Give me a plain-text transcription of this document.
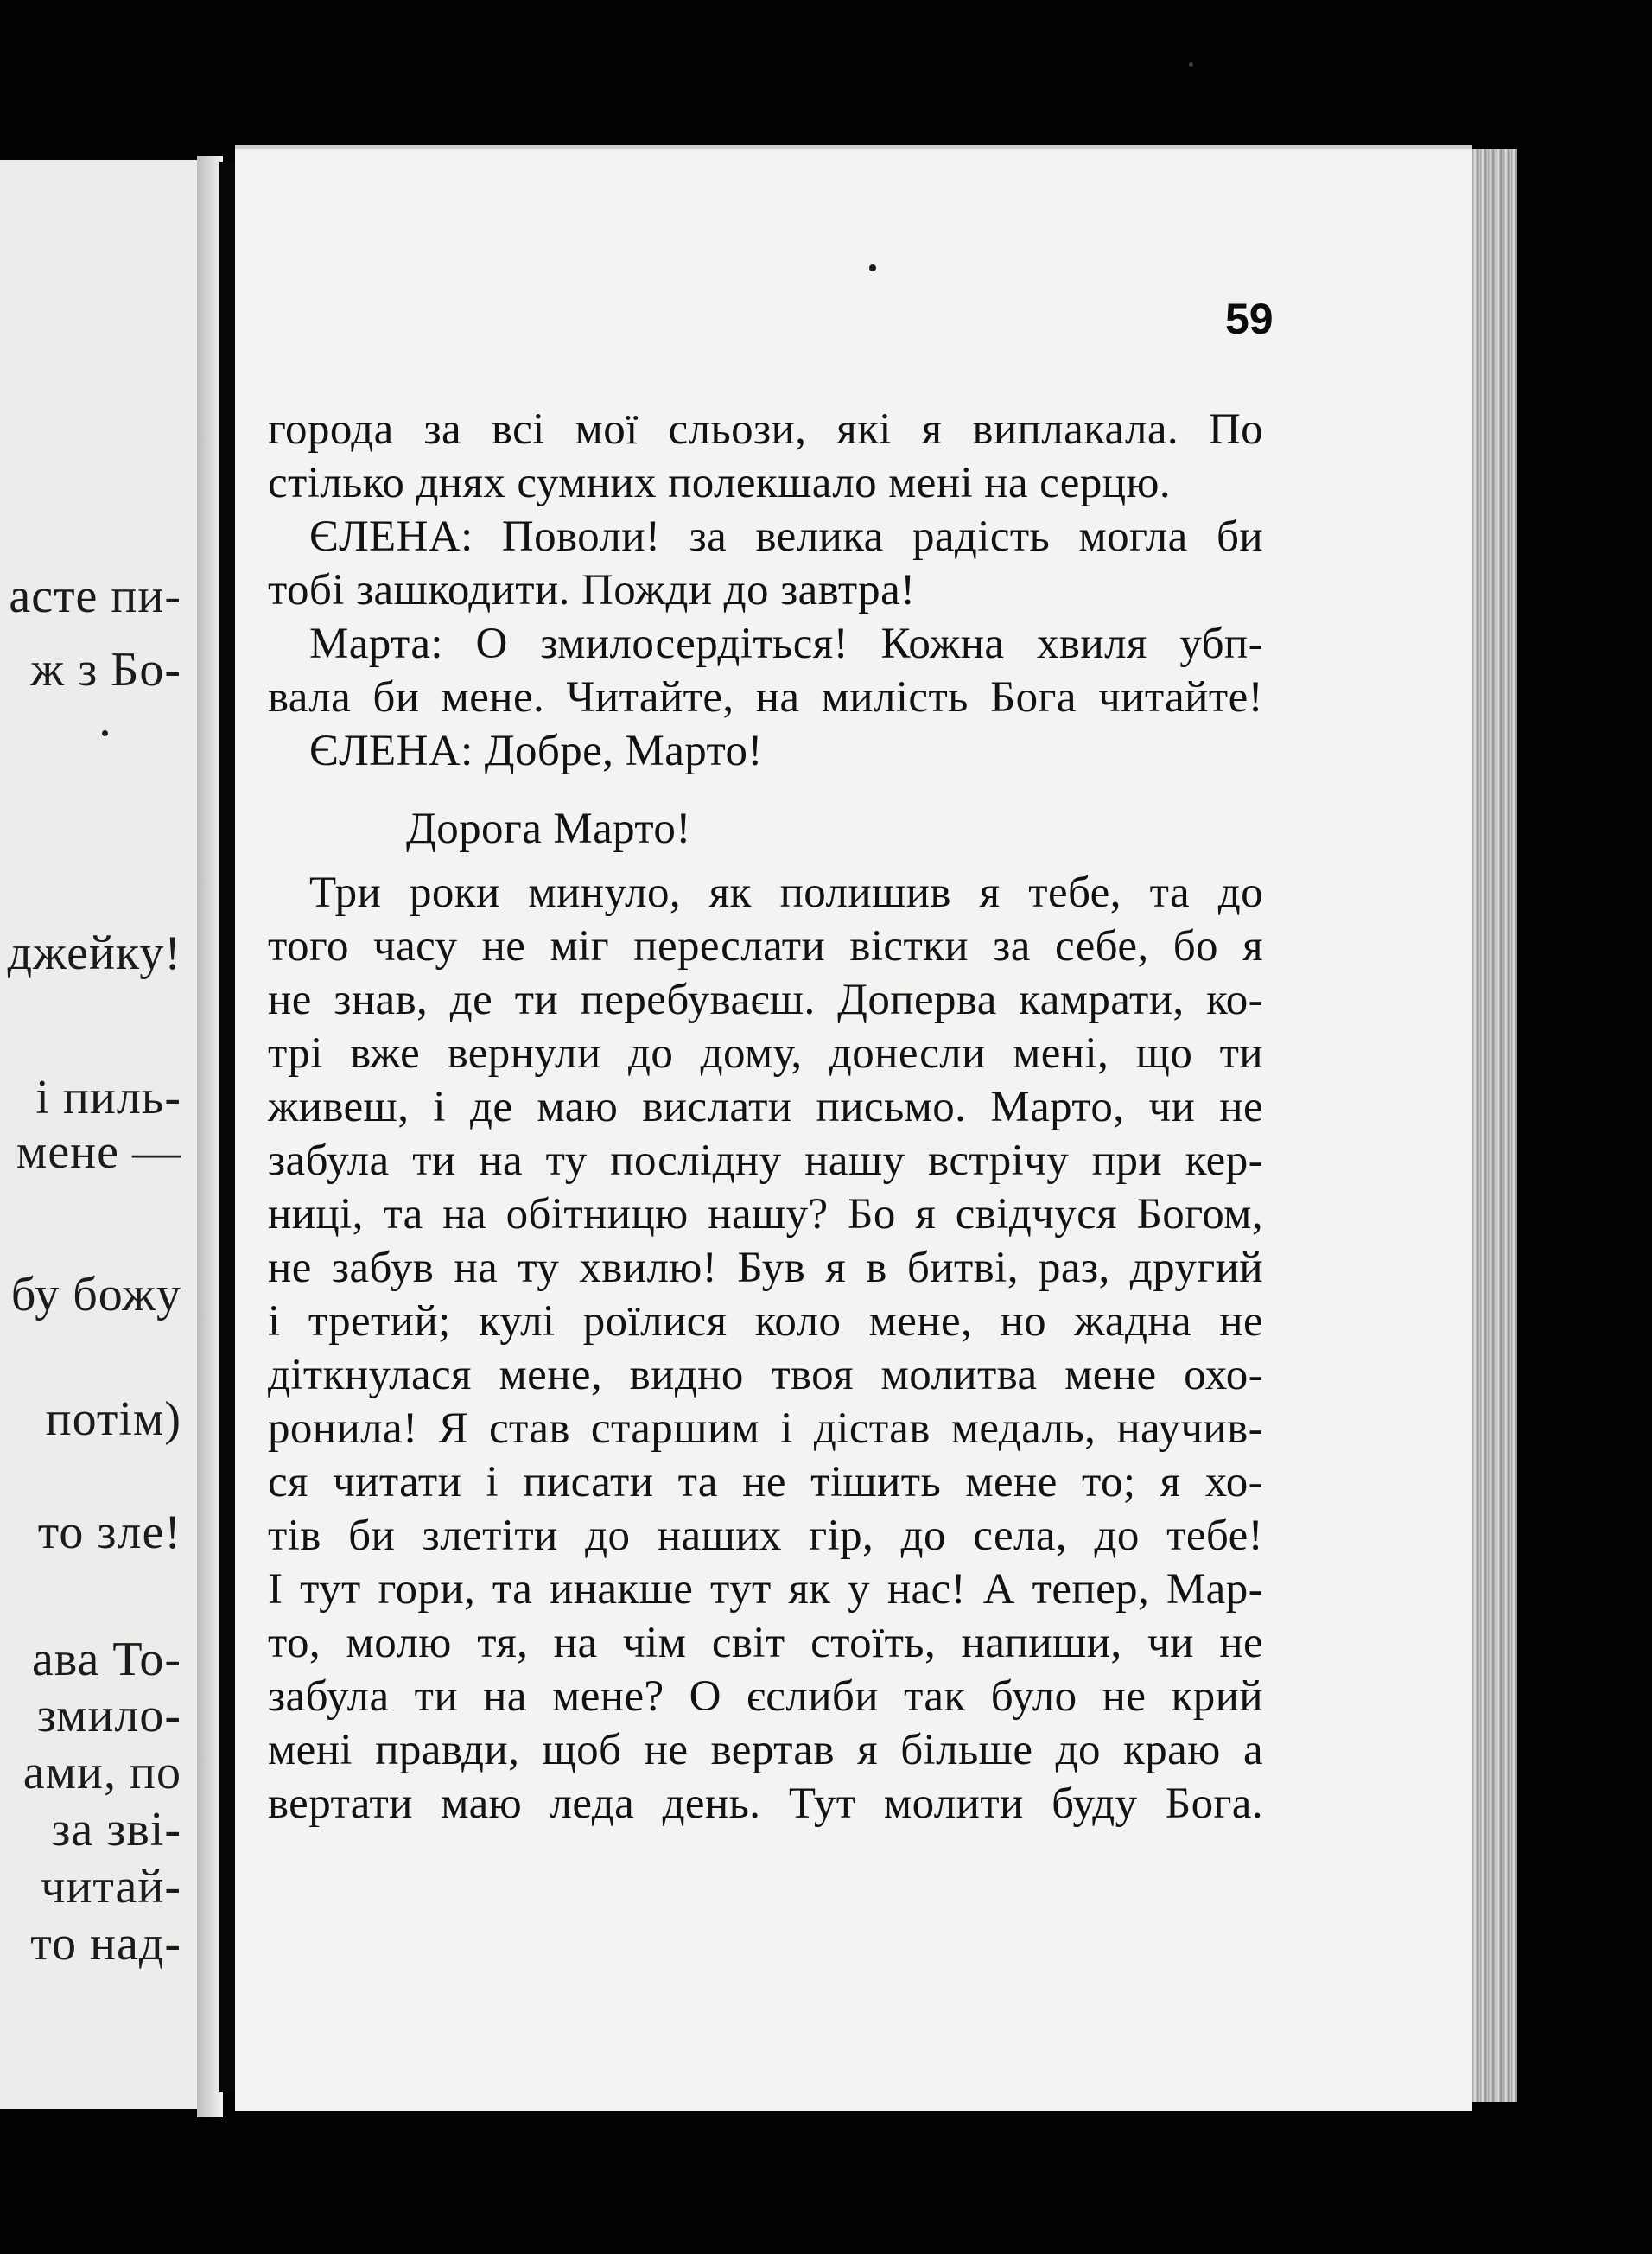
асте пи-
ж з Бо-
джейку!
і пиль-
мене —
бу божу
потім)
то зле!
ава То-
змило-
ами, по
за зві-
читай-
то над-
59
города за всі мої сльози, які я виплакала. По
стілько днях сумних полекшало мені на серцю.
ЄЛЕНА: Поволи! за велика радість могла би
тобі зашкодити. Пожди до завтра!
Марта: О змилосердіться! Кожна хвиля убп-
вала би мене. Читайте, на милість Бога читайте!
ЄЛЕНА: Добре, Марто!
Дорога Марто!
Три роки минуло, як полишив я тебе, та до
того часу не міг переслати вістки за себе, бо я
не знав, де ти перебуваєш. Доперва камрати, ко-
трі вже вернули до дому, донесли мені, що ти
живеш, і де маю вислати письмо. Марто, чи не
забула ти на ту послідну нашу встрічу при кер-
ниці, та на обітницю нашу? Бо я свідчуся Богом,
не забув на ту хвилю! Був я в битві, раз, другий
і третий; кулі роїлися коло мене, но жадна не
діткнулася мене, видно твоя молитва мене охо-
ронила! Я став старшим і дістав медаль, научив-
ся читати і писати та не тішить мене то; я хо-
тів би злетіти до наших гір, до села, до тебе!
І тут гори, та инакше тут як у нас! А тепер, Мар-
то, молю тя, на чім світ стоїть, напиши, чи не
забула ти на мене? О єслиби так було не крий
мені правди, щоб не вертав я більше до краю а
вертати маю леда день. Тут молити буду Бога.
